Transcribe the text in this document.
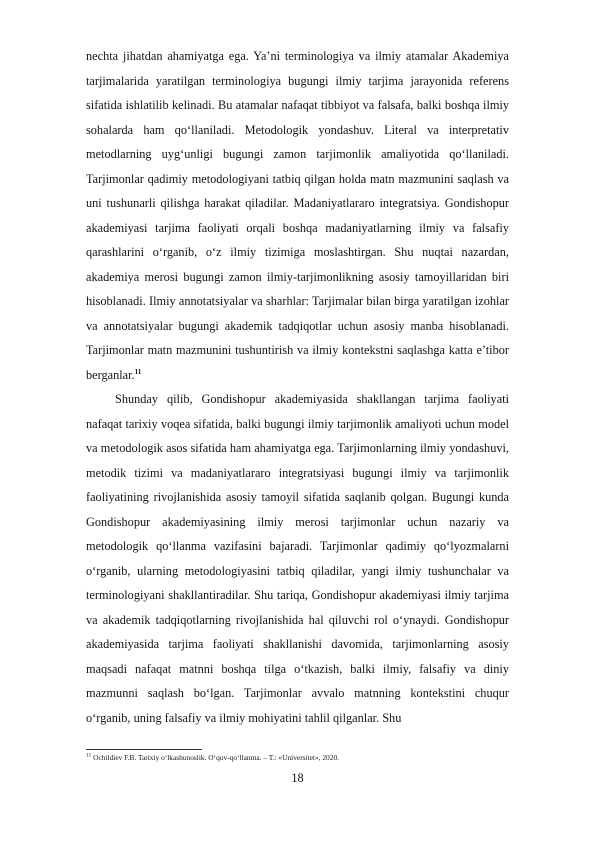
nechta jihatdan ahamiyatga ega. Ya’ni terminologiya va ilmiy atamalar Akademiya tarjimalarida yaratilgan terminologiya bugungi ilmiy tarjima jarayonida referens sifatida ishlatilib kelinadi. Bu atamalar nafaqat tibbiyot va falsafa, balki boshqa ilmiy sohalarda ham qo‘llaniladi. Metodologik yondashuv. Literal va interpretativ metodlarning uyg‘unligi bugungi zamon tarjimonlik amaliyotida qo‘llaniladi. Tarjimonlar qadimiy metodologiyani tatbiq qilgan holda matn mazmunini saqlash va uni tushunarli qilishga harakat qiladilar. Madaniyatlararo integratsiya. Gondishopur akademiyasi tarjima faoliyati orqali boshqa madaniyatlarning ilmiy va falsafiy qarashlarini o‘rganib, o‘z ilmiy tizimiga moslashtirgan. Shu nuqtai nazardan, akademiya merosi bugungi zamon ilmiy-tarjimonlikning asosiy tamoyillaridan biri hisoblanadi. Ilmiy annotatsiyalar va sharhlar: Tarjimalar bilan birga yaratilgan izohlar va annotatsiyalar bugungi akademik tadqiqotlar uchun asosiy manba hisoblanadi. Tarjimonlar matn mazmunini tushuntirish va ilmiy kontekstni saqlashga katta e’tibor berganlar.$^{11}$

Shunday qilib, Gondishopur akademiyasida shakllangan tarjima faoliyati nafaqat tarixiy voqea sifatida, balki bugungi ilmiy tarjimonlik amaliyoti uchun model va metodologik asos sifatida ham ahamiyatga ega. Tarjimonlarning ilmiy yondashuvi, metodik tizimi va madaniyatlararo integratsiyasi bugungi ilmiy va tarjimonlik faoliyatining rivojlanishida asosiy tamoyil sifatida saqlanib qolgan. Bugungi kunda Gondishopur akademiyasining ilmiy merosi tarjimonlar uchun nazariy va metodologik qo‘llanma vazifasini bajaradi. Tarjimonlar qadimiy qo‘lyozmalarni o‘rganib, ularning metodologiyasini tatbiq qiladilar, yangi ilmiy tushunchalar va terminologiyani shakllantiradilar. Shu tariqa, Gondishopur akademiyasi ilmiy tarjima va akademik tadqiqotlarning rivojlanishida hal qiluvchi rol o‘ynaydi. Gondishopur akademiyasida tarjima faoliyati shakllanishi davomida, tarjimonlarning asosiy maqsadi nafaqat matnni boshqa tilga o‘tkazish, balki ilmiy, falsafiy va diniy mazmunni saqlash bo‘lgan. Tarjimonlar avvalo matnning kontekstini chuqur o‘rganib, uning falsafiy va ilmiy mohiyatini tahlil qilganlar. Shu

$^{11}$ Ochildiev F.B. Tarixiy o‘lkashunoslik. O‘quv-qo‘llanma. – T.: «Universitet», 2020.

18
